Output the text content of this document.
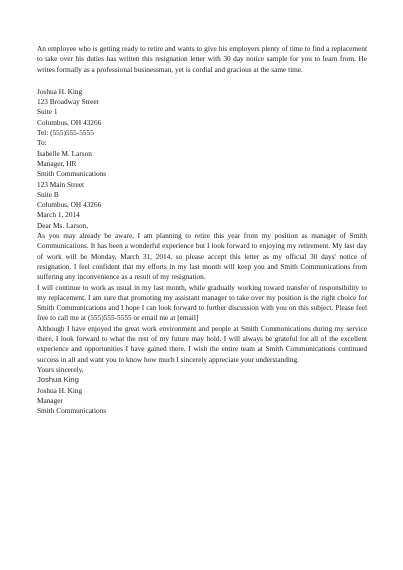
An employee who is getting ready to retire and wants to give his employers plenty of time to find a replacement to take over his duties has written this resignation letter with 30 day notice sample for you to learn from. He writes formally as a professional businessman, yet is cordial and gracious at the same time.

Joshua H. King
123 Broadway Street
Suite 1
Columbus, OH 43266
Tel: (555)555-5555
To:
Isabelle M. Larson
Manager, HR
Smith Communications
123 Main Street
Suite B
Columbus, OH 43266
March 1, 2014
Dear Ms. Larson,

As you may already be aware, I am planning to retire this year from my position as manager of Smith Communications. It has been a wonderful experience but I look forward to enjoying my retirement. My last day of work will be Monday, March 31, 2014, so please accept this letter as my official 30 days' notice of resignation. I feel confident that my efforts in my last month will keep you and Smith Communications from suffering any inconvenience as a result of my resignation.

I will continue to work as usual in my last month, while gradually working toward transfer of responsibility to my replacement. I am sure that promoting my assistant manager to take over my position is the right choice for Smith Communications and I hope I can look forward to further discussion with you on this subject. Please feel free to call me at (555)555-5555 or email me at [email]

Although I have enjoyed the great work environment and people at Smith Communications during my service there, I look forward to what the rest of my future may hold. I will always be grateful for all of the excellent experience and opportunities I have gained there. I wish the entire team at Smith Communications continued success in all and want you to know how much I sincerely appreciate your understanding.

Yours sincerely,
Joshua King
Joshua H. King
Manager
Smith Communications
